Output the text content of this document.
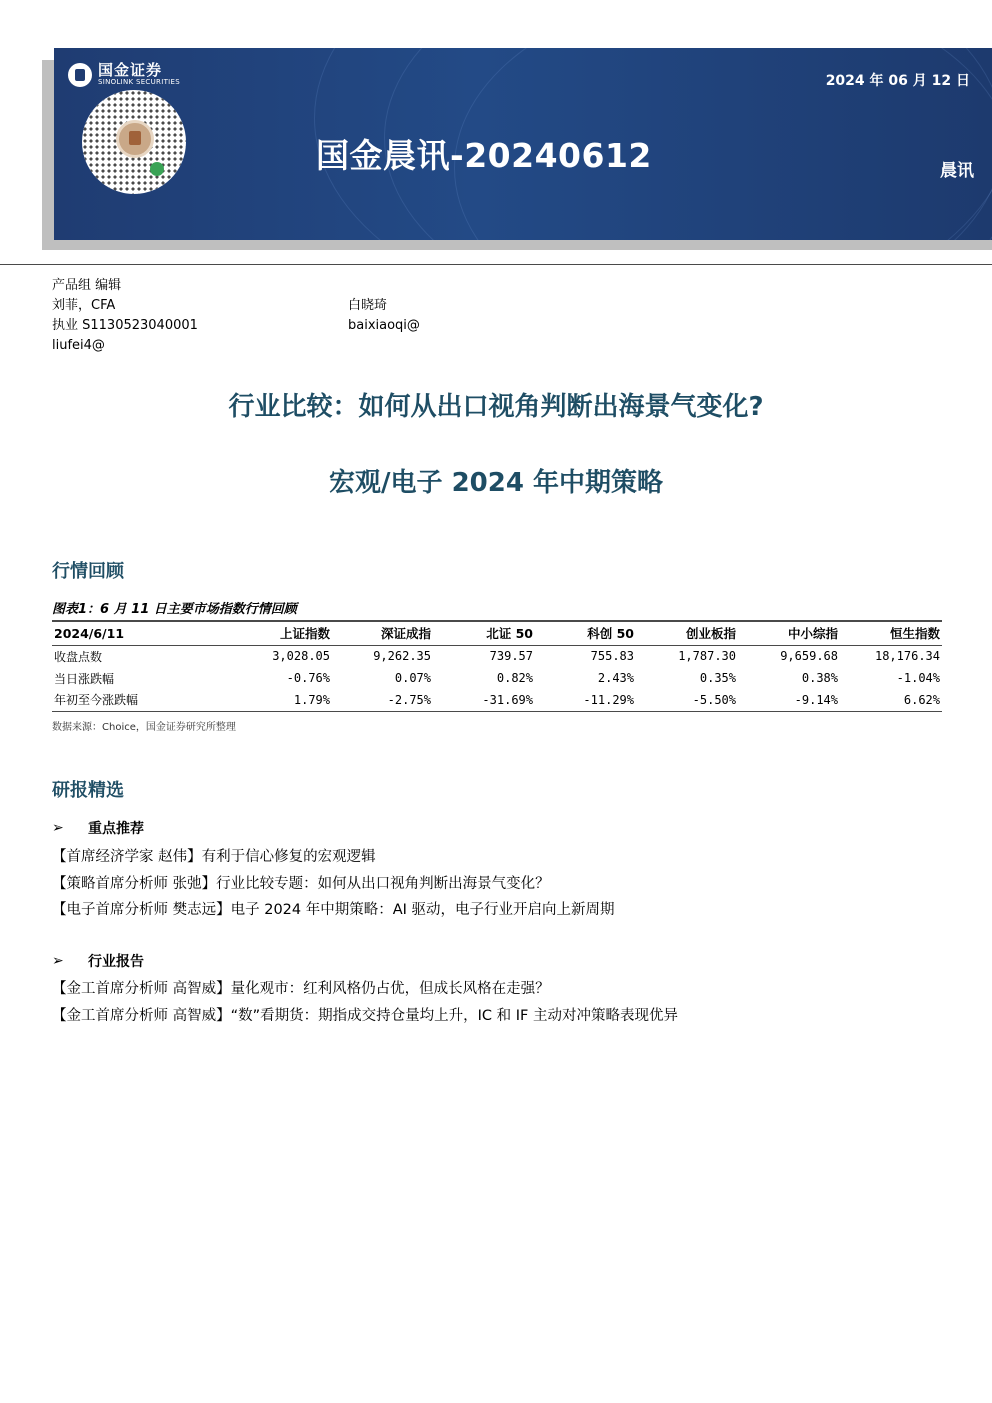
国金证券
SINOLINK SECURITIES	2024 年 06 月 12 日
国金晨讯-20240612	晨讯
产品组 编辑
刘菲，CFA
执业 S1130523040001
liufei4@
白晓琦
baixiaoqi@
行业比较：如何从出口视角判断出海景气变化?
宏观/电子 2024 年中期策略
行情回顾
图表1：6 月 11 日主要市场指数行情回顾
2024/6/11	上证指数	深证成指	北证 50	科创 50	创业板指	中小综指	恒生指数
收盘点数	3,028.05	9,262.35	739.57	755.83	1,787.30	9,659.68	18,176.34
当日涨跌幅	-0.76%	0.07%	0.82%	2.43%	0.35%	0.38%	-1.04%
年初至今涨跌幅	1.79%	-2.75%	-31.69%	-11.29%	-5.50%	-9.14%	6.62%
数据来源：Choice，国金证券研究所整理
研报精选
➢ 重点推荐
【首席经济学家 赵伟】有利于信心修复的宏观逻辑
【策略首席分析师 张弛】行业比较专题：如何从出口视角判断出海景气变化？
【电子首席分析师 樊志远】电子 2024 年中期策略：AI 驱动，电子行业开启向上新周期
➢ 行业报告
【金工首席分析师 高智威】量化观市：红利风格仍占优，但成长风格在走强？
【金工首席分析师 高智威】“数”看期货：期指成交持仓量均上升，IC 和 IF 主动对冲策略表现优异
